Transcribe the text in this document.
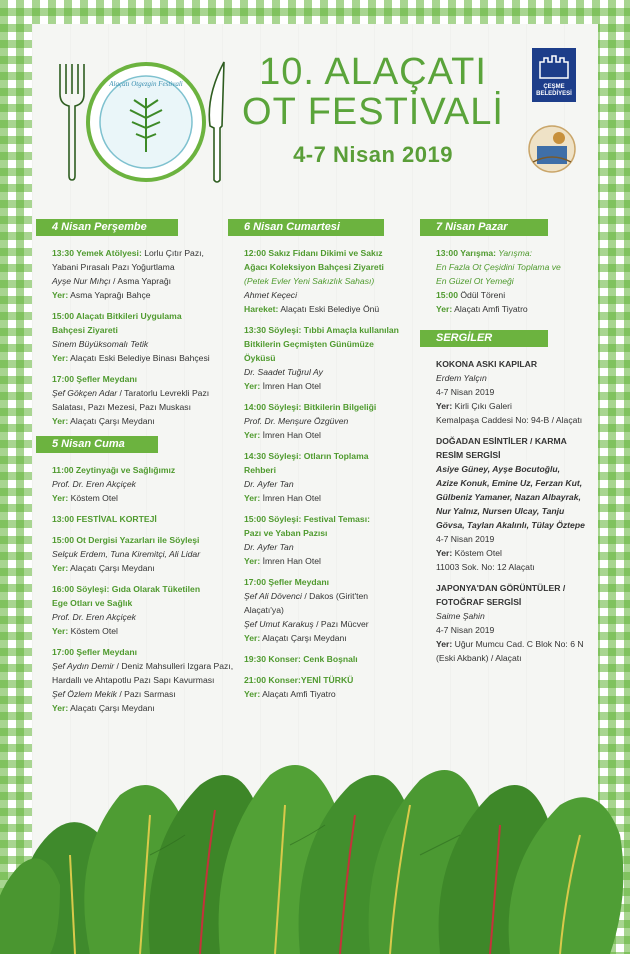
Alaçatı Otgezgin Festivali	10. ALAÇATI
OT FESTİVALİ
4-7 Nisan 2019
ÇEŞME
BELEDİYESİ
4 Nisan Perşembe
13:30 Yemek Atölyesi: Lorlu Çıtır Pazı,
Yabani Pırasalı Pazı Yoğurtlama
Ayşe Nur Mıhçı / Asma Yaprağı
Yer: Asma Yaprağı Bahçe
15:00 Alaçatı Bitkileri Uygulama
Bahçesi Ziyareti
Sinem Büyüksomalı Tetik
Yer: Alaçatı Eski Belediye Binası Bahçesi
17:00 Şefler Meydanı
Şef Gökçen Adar / Taratorlu Levrekli Pazı
Salatası, Pazı Mezesi, Pazı Muskası
Yer: Alaçatı Çarşı Meydanı
5 Nisan Cuma
11:00 Zeytinyağı ve Sağlığımız
Prof. Dr. Eren Akçiçek
Yer: Köstem Otel
13:00 FESTİVAL KORTEJİ
15:00 Ot Dergisi Yazarları ile Söyleşi
Selçuk Erdem, Tuna Kiremitçi, Ali Lidar
Yer: Alaçatı Çarşı Meydanı
16:00 Söyleşi: Gıda Olarak Tüketilen
Ege Otları ve Sağlık
Prof. Dr. Eren Akçiçek
Yer: Köstem Otel
17:00 Şefler Meydanı
Şef Aydın Demir / Deniz Mahsulleri Izgara Pazı,
Hardallı ve Ahtapotlu Pazı Sapı Kavurması
Şef Özlem Mekik / Pazı Sarması
Yer: Alaçatı Çarşı Meydanı
6 Nisan Cumartesi
12:00 Sakız Fidanı Dikimi ve Sakız
Ağacı Koleksiyon Bahçesi Ziyareti
(Petek Evler Yeni Sakızlık Sahası)
Ahmet Keçeci
Hareket: Alaçatı Eski Belediye Önü
13:30 Söyleşi: Tıbbi Amaçla kullanılan
Bitkilerin Geçmişten Günümüze
Öyküsü
Dr. Saadet Tuğrul Ay
Yer: İmren Han Otel
14:00 Söyleşi: Bitkilerin Bilgeliği
Prof. Dr. Menşure Özgüven
Yer: İmren Han Otel
14:30 Söyleşi: Otların Toplama
Rehberi
Dr. Ayfer Tan
Yer: İmren Han Otel
15:00 Söyleşi: Festival Teması:
Pazı ve Yaban Pazısı
Dr. Ayfer Tan
Yer: İmren Han Otel
17:00 Şefler Meydanı
Şef Ali Dövenci / Dakos (Girit'ten
Alaçatı'ya)
Şef Umut Karakuş / Pazı Mücver
Yer: Alaçatı Çarşı Meydanı
19:30 Konser: Cenk Boşnalı
21:00 Konser:YENİ TÜRKÜ
Yer: Alaçatı Amfi Tiyatro
7 Nisan Pazar
13:00 Yarışma: Yarışma:
En Fazla Ot Çeşidini Toplama ve
En Güzel Ot Yemeği
15:00 Ödül Töreni
Yer: Alaçatı Amfi Tiyatro
SERGİLER
KOKONA ASKI KAPILAR
Erdem Yalçın
4-7 Nisan 2019
Yer: Kirli Çıkı Galeri
Kemalpaşa Caddesi No: 94-B / Alaçatı
DOĞADAN ESİNTİLER / KARMA
RESİM SERGİSİ
Asiye Güney, Ayşe Bocutoğlu,
Azize Konuk, Emine Uz, Ferzan Kut,
Gülbeniz Yamaner, Nazan Albayrak,
Nur Yalnız, Nursen Ulcay, Tanju
Gövsa, Taylan Akalınlı, Tülay Öztepe
4-7 Nisan 2019
Yer: Köstem Otel
11003 Sok. No: 12 Alaçatı
JAPONYA'DAN GÖRÜNTÜLER /
FOTOĞRAF SERGİSİ
Saime Şahin
4-7 Nisan 2019
Yer: Uğur Mumcu Cad. C Blok No: 6 N
(Eski Akbank) / Alaçatı
